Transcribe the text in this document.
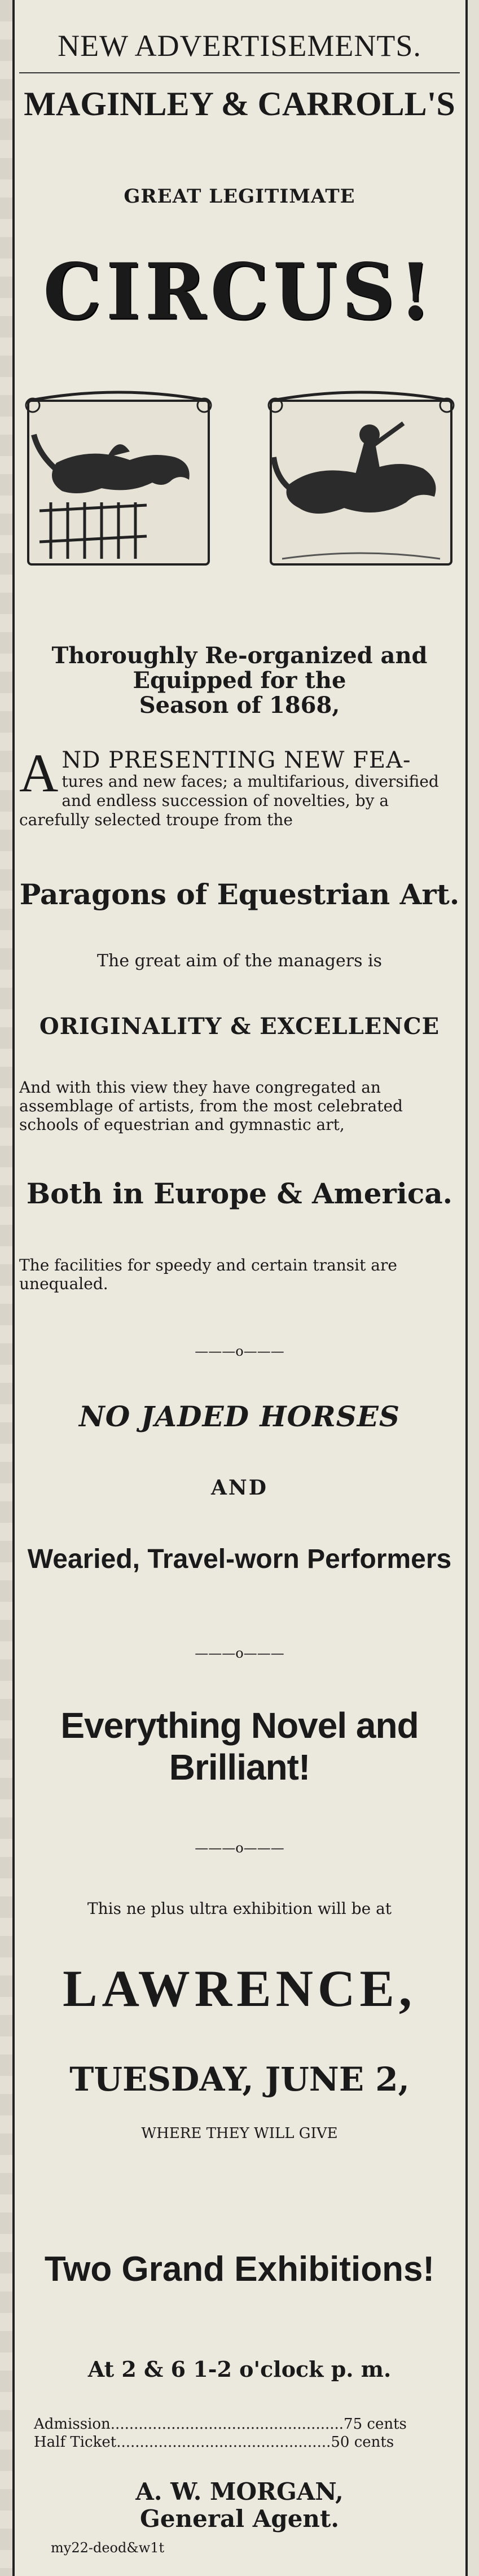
NEW ADVERTISEMENTS.
MAGINLEY & CARROLL'S
GREAT LEGITIMATE
CIRCUS!
Thoroughly Re-organized and
Equipped for the
Season of 1868,
AND PRESENTING NEW FEA-
tures and new faces; a multifarious, diversified and endless succession of novelties, by a carefully selected troupe from the
Paragons of Equestrian Art.
The great aim of the managers is
ORIGINALITY & EXCELLENCE
And with this view they have congregated an assemblage of artists, from the most celebrated schools of equestrian and gymnastic art,
Both in Europe & America.
The facilities for speedy and certain transit are unequaled.
———o———
NO JADED HORSES
AND
Wearied, Travel-worn Performers
———o———
Everything Novel and Brilliant!
———o———
This ne plus ultra exhibition will be at
LAWRENCE,
TUESDAY, JUNE 2,
WHERE THEY WILL GIVE
Two Grand Exhibitions!
At 2 & 6 1-2 o'clock p. m.
Admission..................................................75 cents
Half Ticket..............................................50 cents
A. W. MORGAN,
General Agent.
my22-deod&w1t
